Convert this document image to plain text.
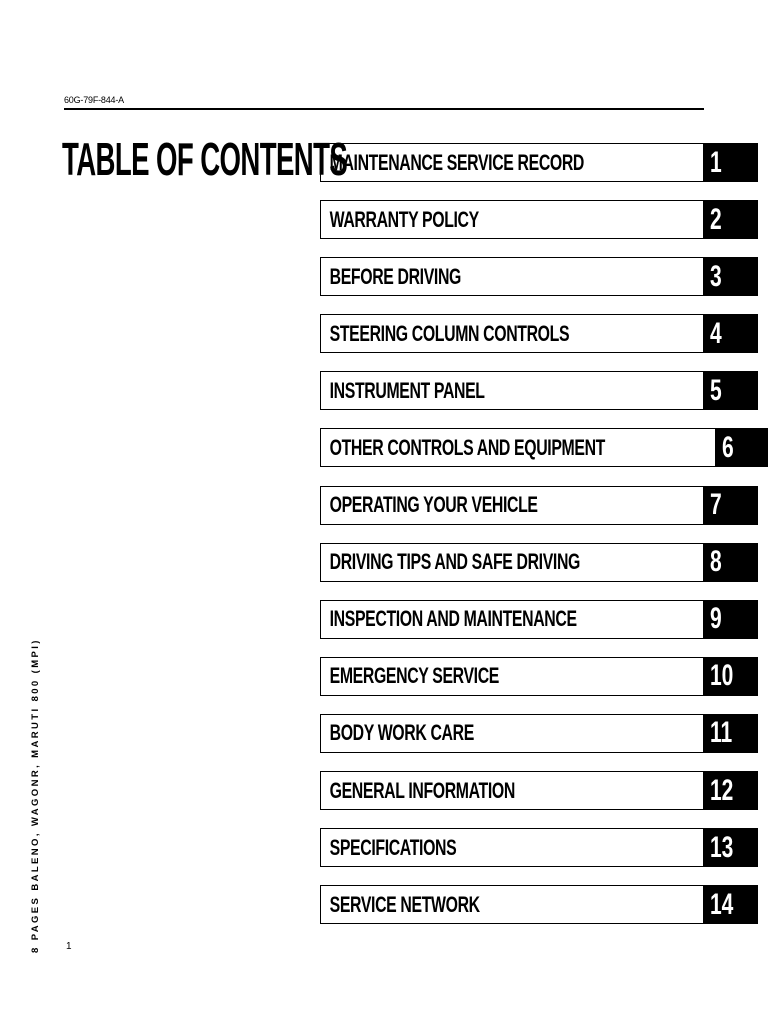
60G-79F-844-A
TABLE OF CONTENTS
MAINTENANCE SERVICE RECORD	1
WARRANTY POLICY	2
BEFORE DRIVING	3
STEERING COLUMN CONTROLS	4
INSTRUMENT PANEL	5
OTHER CONTROLS AND EQUIPMENT	6
OPERATING YOUR VEHICLE	7
DRIVING TIPS AND SAFE DRIVING	8
INSPECTION AND MAINTENANCE	9
EMERGENCY SERVICE	10
BODY WORK CARE	11
GENERAL INFORMATION	12
SPECIFICATIONS	13
SERVICE NETWORK	14
8 PAGES BALENO, WAGONR, MARUTI 800 (MPI)	1
